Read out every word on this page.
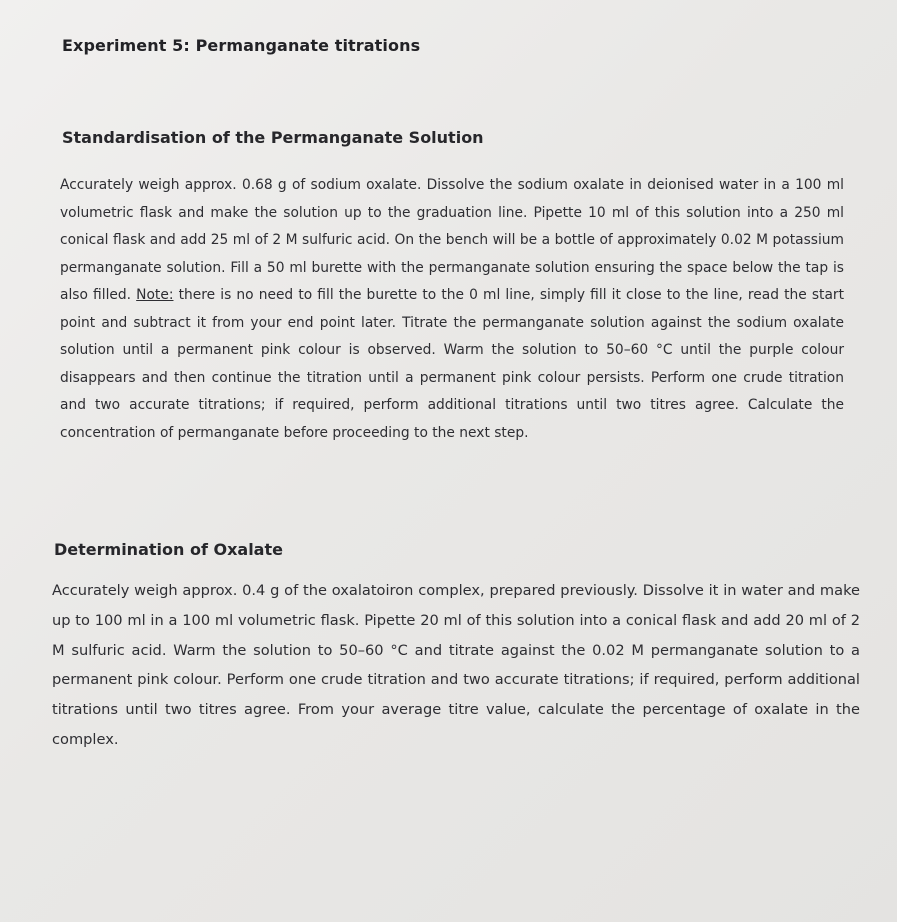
Experiment 5: Permanganate titrations
Standardisation of the Permanganate Solution

Accurately weigh approx. 0.68 g of sodium oxalate. Dissolve the sodium oxalate in deionised water in a 100 ml volumetric flask and make the solution up to the graduation line. Pipette 10 ml of this solution into a 250 ml conical flask and add 25 ml of 2 M sulfuric acid. On the bench will be a bottle of approximately 0.02 M potassium permanganate solution. Fill a 50 ml burette with the permanganate solution ensuring the space below the tap is also filled. Note: there is no need to fill the burette to the 0 ml line, simply fill it close to the line, read the start point and subtract it from your end point later. Titrate the permanganate solution against the sodium oxalate solution until a permanent pink colour is observed. Warm the solution to 50–60 °C until the purple colour disappears and then continue the titration until a permanent pink colour persists. Perform one crude titration and two accurate titrations; if required, perform additional titrations until two titres agree. Calculate the concentration of permanganate before proceeding to the next step.

Determination of Oxalate

Accurately weigh approx. 0.4 g of the oxalatoiron complex, prepared previously. Dissolve it in water and make up to 100 ml in a 100 ml volumetric flask. Pipette 20 ml of this solution into a conical flask and add 20 ml of 2 M sulfuric acid. Warm the solution to 50–60 °C and titrate against the 0.02 M permanganate solution to a permanent pink colour. Perform one crude titration and two accurate titrations; if required, perform additional titrations until two titres agree. From your average titre value, calculate the percentage of oxalate in the complex.
